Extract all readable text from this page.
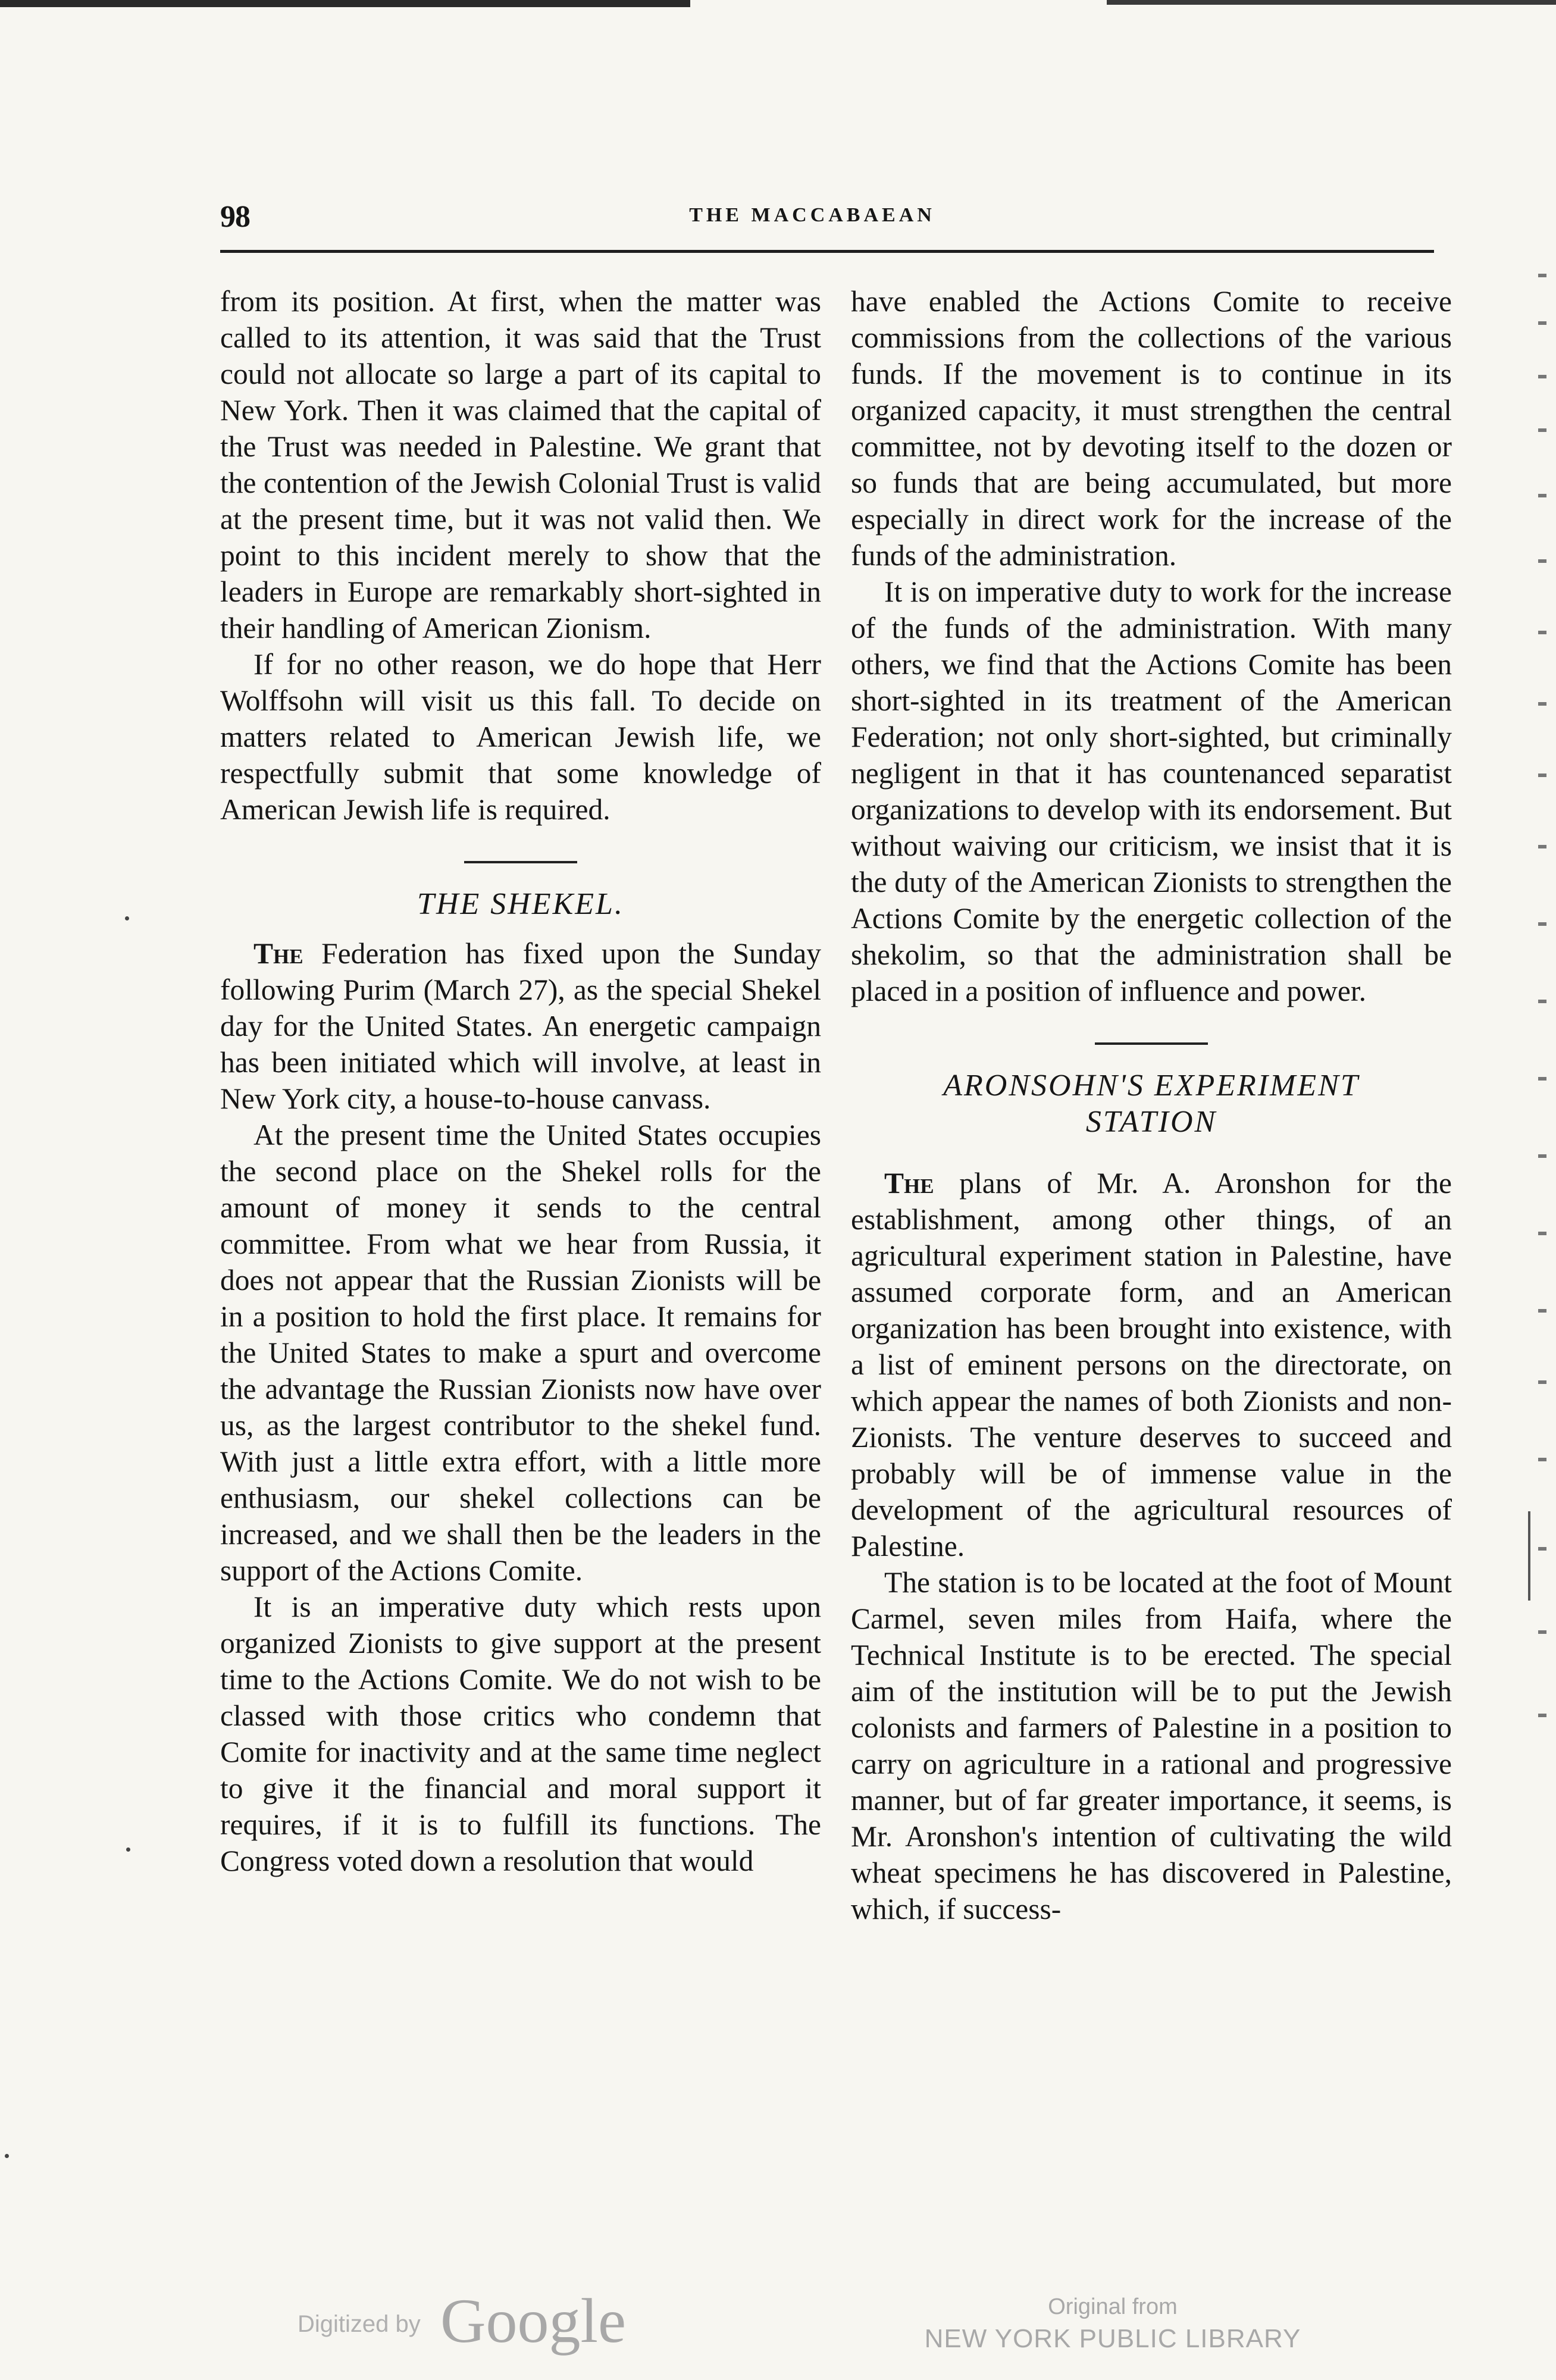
98	THE MACCABAEAN

from its position. At first, when the matter was called to its attention, it was said that the Trust could not allocate so large a part of its capital to New York. Then it was claimed that the capital of the Trust was needed in Palestine. We grant that the contention of the Jewish Colonial Trust is valid at the present time, but it was not valid then. We point to this incident merely to show that the leaders in Europe are remarkably short-sighted in their handling of American Zionism.

If for no other reason, we do hope that Herr Wolffsohn will visit us this fall. To decide on matters related to American Jewish life, we respectfully submit that some knowledge of American Jewish life is required.

THE SHEKEL.

The Federation has fixed upon the Sunday following Purim (March 27), as the special Shekel day for the United States. An energetic campaign has been initiated which will involve, at least in New York city, a house-to-house canvass.

At the present time the United States occupies the second place on the Shekel rolls for the amount of money it sends to the central committee. From what we hear from Russia, it does not appear that the Russian Zionists will be in a position to hold the first place. It remains for the United States to make a spurt and overcome the advantage the Russian Zionists now have over us, as the largest contributor to the shekel fund. With just a little extra effort, with a little more enthusiasm, our shekel collections can be increased, and we shall then be the leaders in the support of the Actions Comite.

It is an imperative duty which rests upon organized Zionists to give support at the present time to the Actions Comite. We do not wish to be classed with those critics who condemn that Comite for inactivity and at the same time neglect to give it the financial and moral support it requires, if it is to fulfill its functions. The Congress voted down a resolution that would

have enabled the Actions Comite to receive commissions from the collections of the various funds. If the movement is to continue in its organized capacity, it must strengthen the central committee, not by devoting itself to the dozen or so funds that are being accumulated, but more especially in direct work for the increase of the funds of the administration.

It is on imperative duty to work for the increase of the funds of the administration. With many others, we find that the Actions Comite has been short-sighted in its treatment of the American Federation; not only short-sighted, but criminally negligent in that it has countenanced separatist organizations to develop with its endorsement. But without waiving our criticism, we insist that it is the duty of the American Zionists to strengthen the Actions Comite by the energetic collection of the shekolim, so that the administration shall be placed in a position of influence and power.

ARONSOHN'S EXPERIMENT
STATION

The plans of Mr. A. Aronshon for the establishment, among other things, of an agricultural experiment station in Palestine, have assumed corporate form, and an American organization has been brought into existence, with a list of eminent persons on the directorate, on which appear the names of both Zionists and non-Zionists. The venture deserves to succeed and probably will be of immense value in the development of the agricultural resources of Palestine.

The station is to be located at the foot of Mount Carmel, seven miles from Haifa, where the Technical Institute is to be erected. The special aim of the institution will be to put the Jewish colonists and farmers of Palestine in a position to carry on agriculture in a rational and progressive manner, but of far greater importance, it seems, is Mr. Aronshon's intention of cultivating the wild wheat specimens he has discovered in Palestine, which, if success-

Digitized by Google	Original from
NEW YORK PUBLIC LIBRARY
